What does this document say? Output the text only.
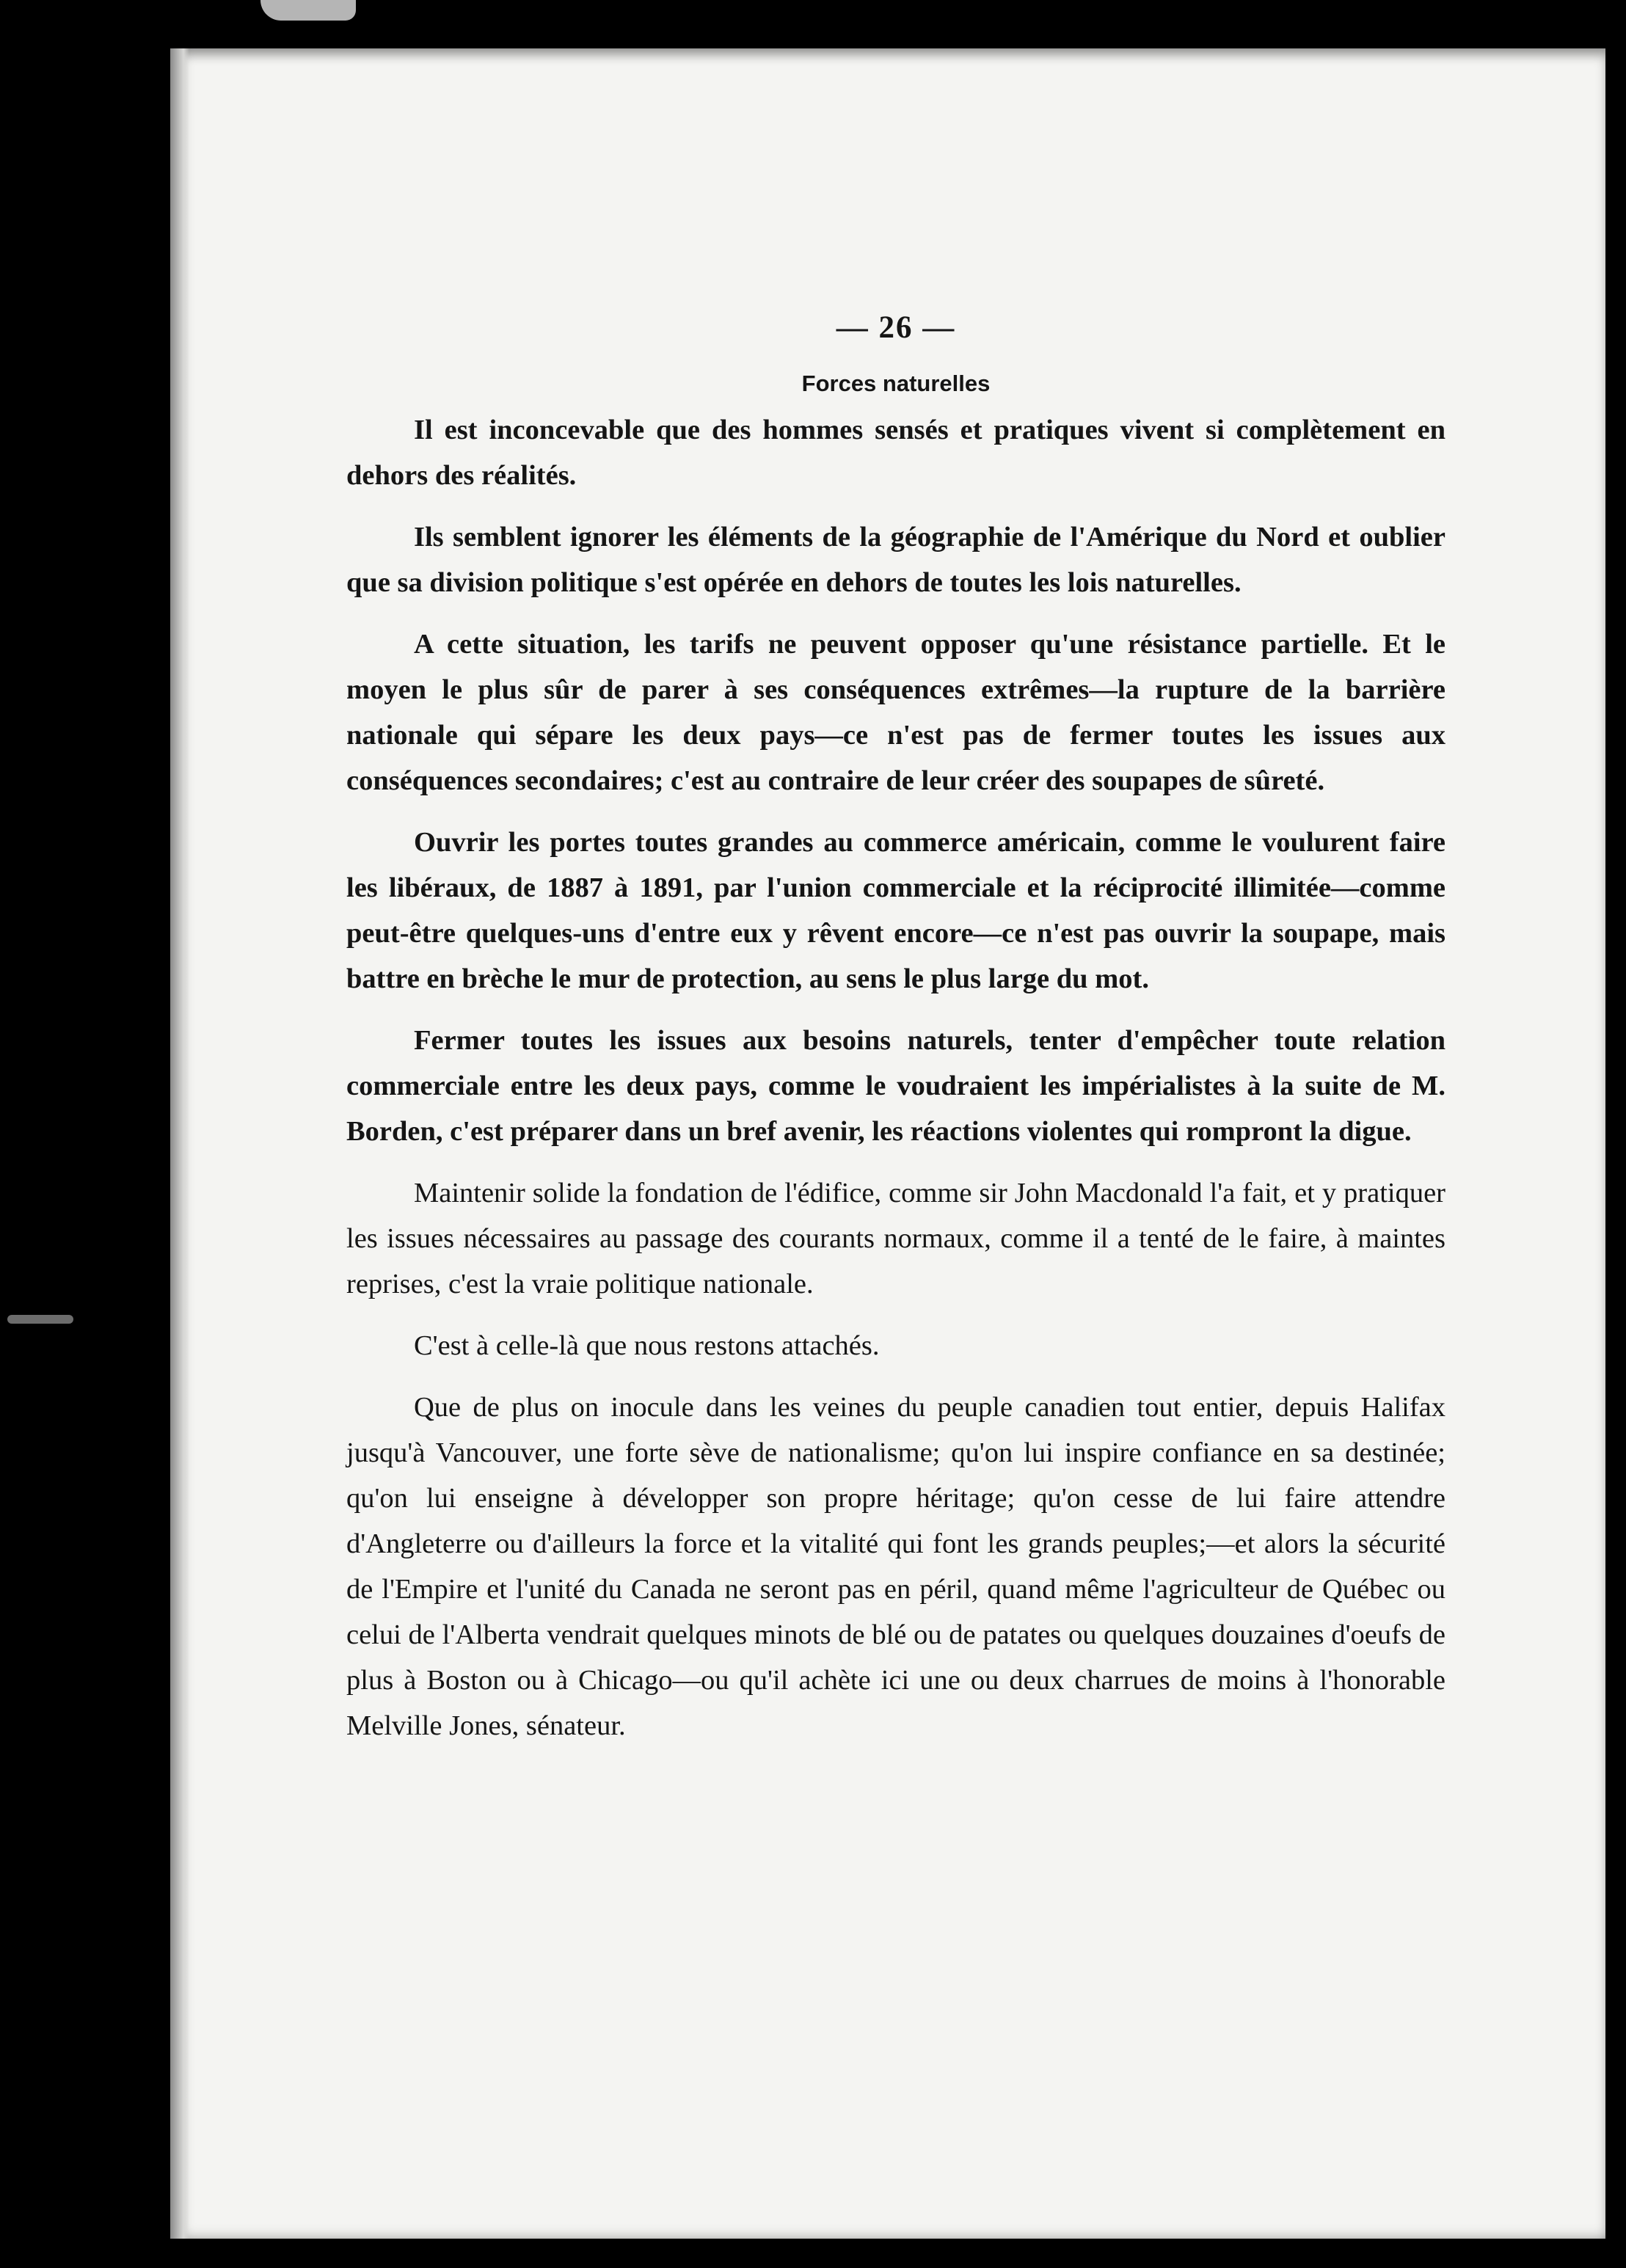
— 26 —
Forces naturelles

Il est inconcevable que des hommes sensés et pratiques vivent si complètement en dehors des réalités.

Ils semblent ignorer les éléments de la géographie de l'Amérique du Nord et oublier que sa division politique s'est opérée en dehors de toutes les lois naturelles.

A cette situation, les tarifs ne peuvent opposer qu'une résistance partielle. Et le moyen le plus sûr de parer à ses conséquences extrêmes—la rupture de la barrière nationale qui sépare les deux pays—ce n'est pas de fermer toutes les issues aux conséquences secondaires; c'est au contraire de leur créer des soupapes de sûreté.

Ouvrir les portes toutes grandes au commerce américain, comme le voulurent faire les libéraux, de 1887 à 1891, par l'union commerciale et la réciprocité illimitée—comme peut-être quelques-uns d'entre eux y rêvent encore—ce n'est pas ouvrir la soupape, mais battre en brèche le mur de protection, au sens le plus large du mot.

Fermer toutes les issues aux besoins naturels, tenter d'empêcher toute relation commerciale entre les deux pays, comme le voudraient les impérialistes à la suite de M. Borden, c'est préparer dans un bref avenir, les réactions violentes qui rompront la digue.

Maintenir solide la fondation de l'édifice, comme sir John Macdonald l'a fait, et y pratiquer les issues nécessaires au passage des courants normaux, comme il a tenté de le faire, à maintes reprises, c'est la vraie politique nationale.

C'est à celle-là que nous restons attachés.

Que de plus on inocule dans les veines du peuple canadien tout entier, depuis Halifax jusqu'à Vancouver, une forte sève de nationalisme; qu'on lui inspire confiance en sa destinée; qu'on lui enseigne à développer son propre héritage; qu'on cesse de lui faire attendre d'Angleterre ou d'ailleurs la force et la vitalité qui font les grands peuples;—et alors la sécurité de l'Empire et l'unité du Canada ne seront pas en péril, quand même l'agriculteur de Québec ou celui de l'Alberta vendrait quelques minots de blé ou de patates ou quelques douzaines d'oeufs de plus à Boston ou à Chicago—ou qu'il achète ici une ou deux charrues de moins à l'honorable Melville Jones, sénateur.
